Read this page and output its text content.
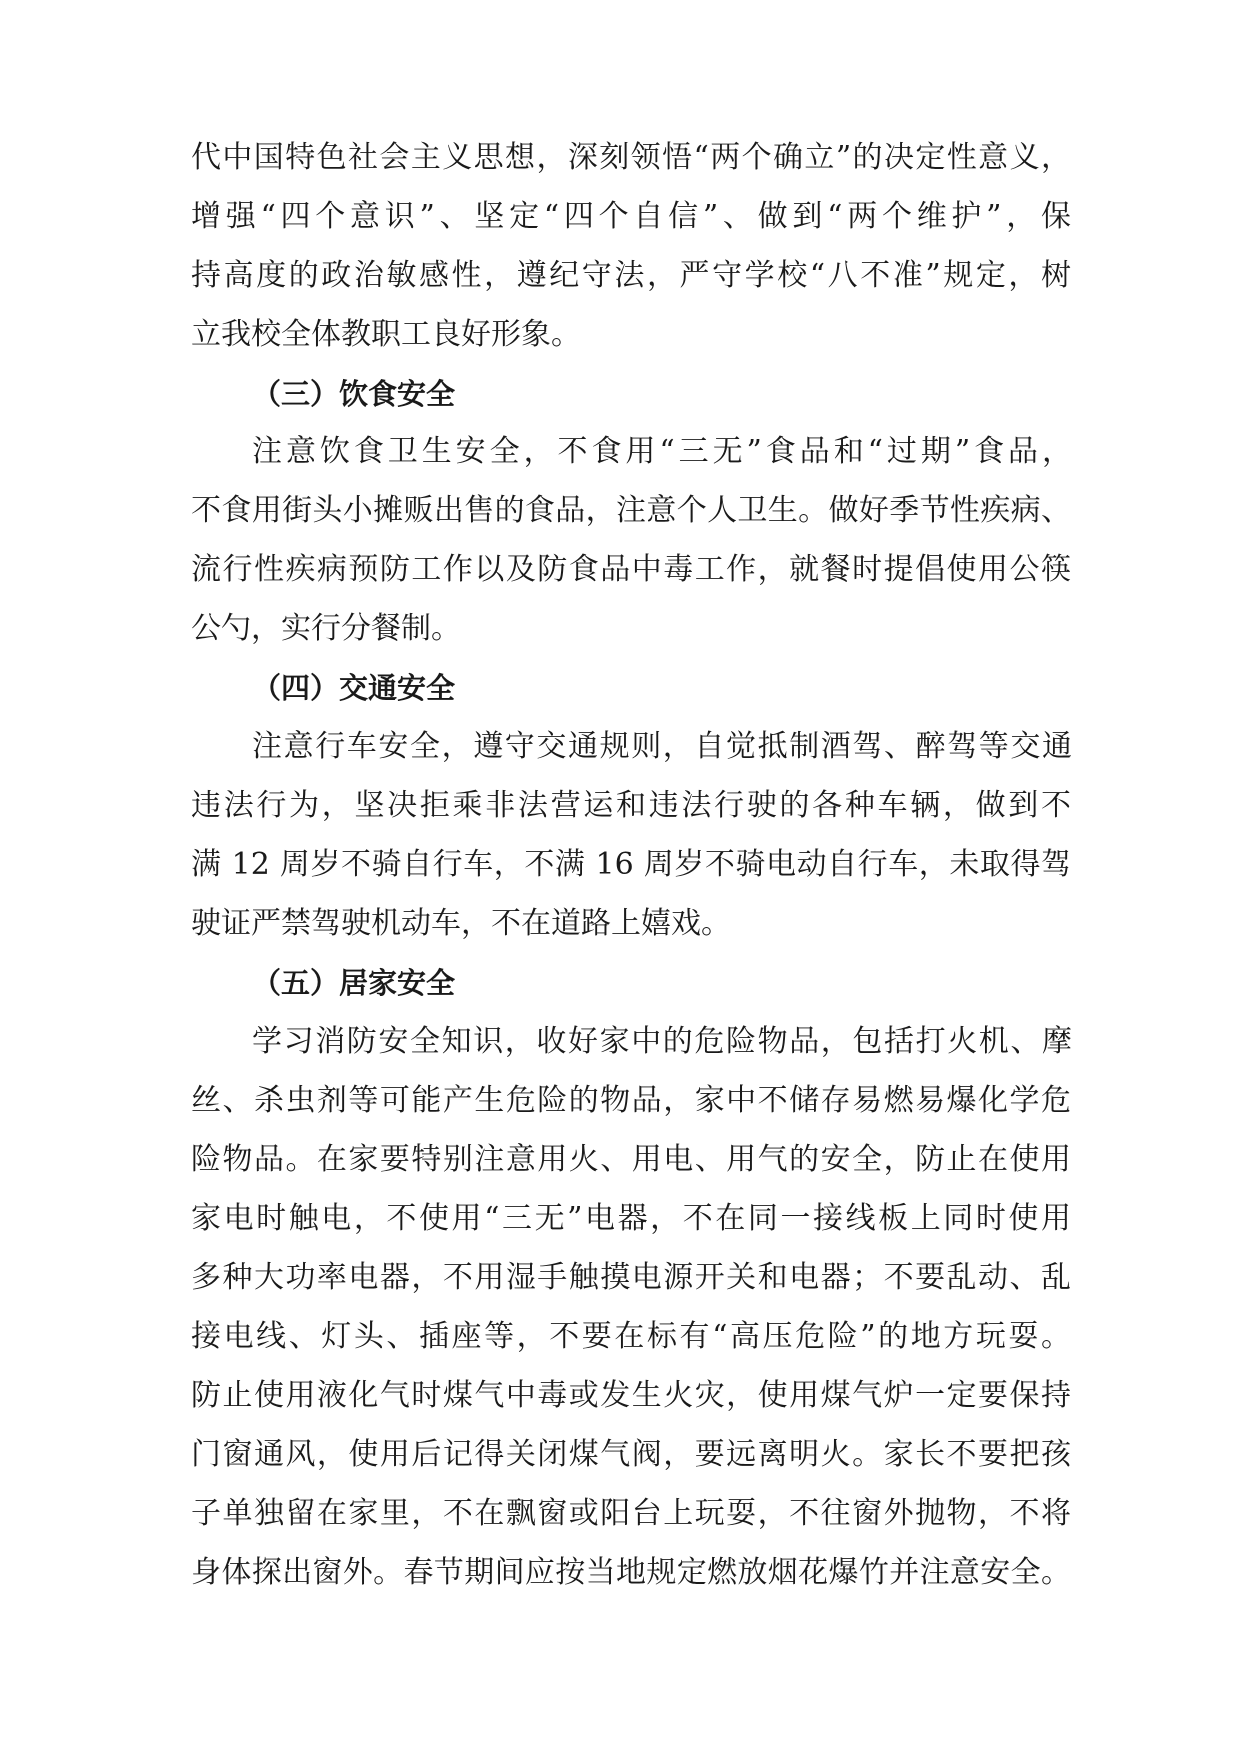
代中国特色社会主义思想，深刻领悟“两个确立”的决定性意义，
增强“四个意识”、坚定“四个自信”、做到“两个维护”，保
持高度的政治敏感性，遵纪守法，严守学校“八不准”规定，树
立我校全体教职工良好形象。
（三）饮食安全
注意饮食卫生安全，不食用“三无”食品和“过期”食品，
不食用街头小摊贩出售的食品，注意个人卫生。做好季节性疾病、
流行性疾病预防工作以及防食品中毒工作，就餐时提倡使用公筷
公勺，实行分餐制。
（四）交通安全
注意行车安全，遵守交通规则，自觉抵制酒驾、醉驾等交通
违法行为，坚决拒乘非法营运和违法行驶的各种车辆，做到不
满 12 周岁不骑自行车，不满 16 周岁不骑电动自行车，未取得驾
驶证严禁驾驶机动车，不在道路上嬉戏。
（五）居家安全
学习消防安全知识，收好家中的危险物品，包括打火机、摩
丝、杀虫剂等可能产生危险的物品，家中不储存易燃易爆化学危
险物品。在家要特别注意用火、用电、用气的安全，防止在使用
家电时触电，不使用“三无”电器，不在同一接线板上同时使用
多种大功率电器，不用湿手触摸电源开关和电器；不要乱动、乱
接电线、灯头、插座等，不要在标有“高压危险”的地方玩耍。
防止使用液化气时煤气中毒或发生火灾，使用煤气炉一定要保持
门窗通风，使用后记得关闭煤气阀，要远离明火。家长不要把孩
子单独留在家里，不在飘窗或阳台上玩耍，不往窗外抛物，不将
身体探出窗外。春节期间应按当地规定燃放烟花爆竹并注意安全。
